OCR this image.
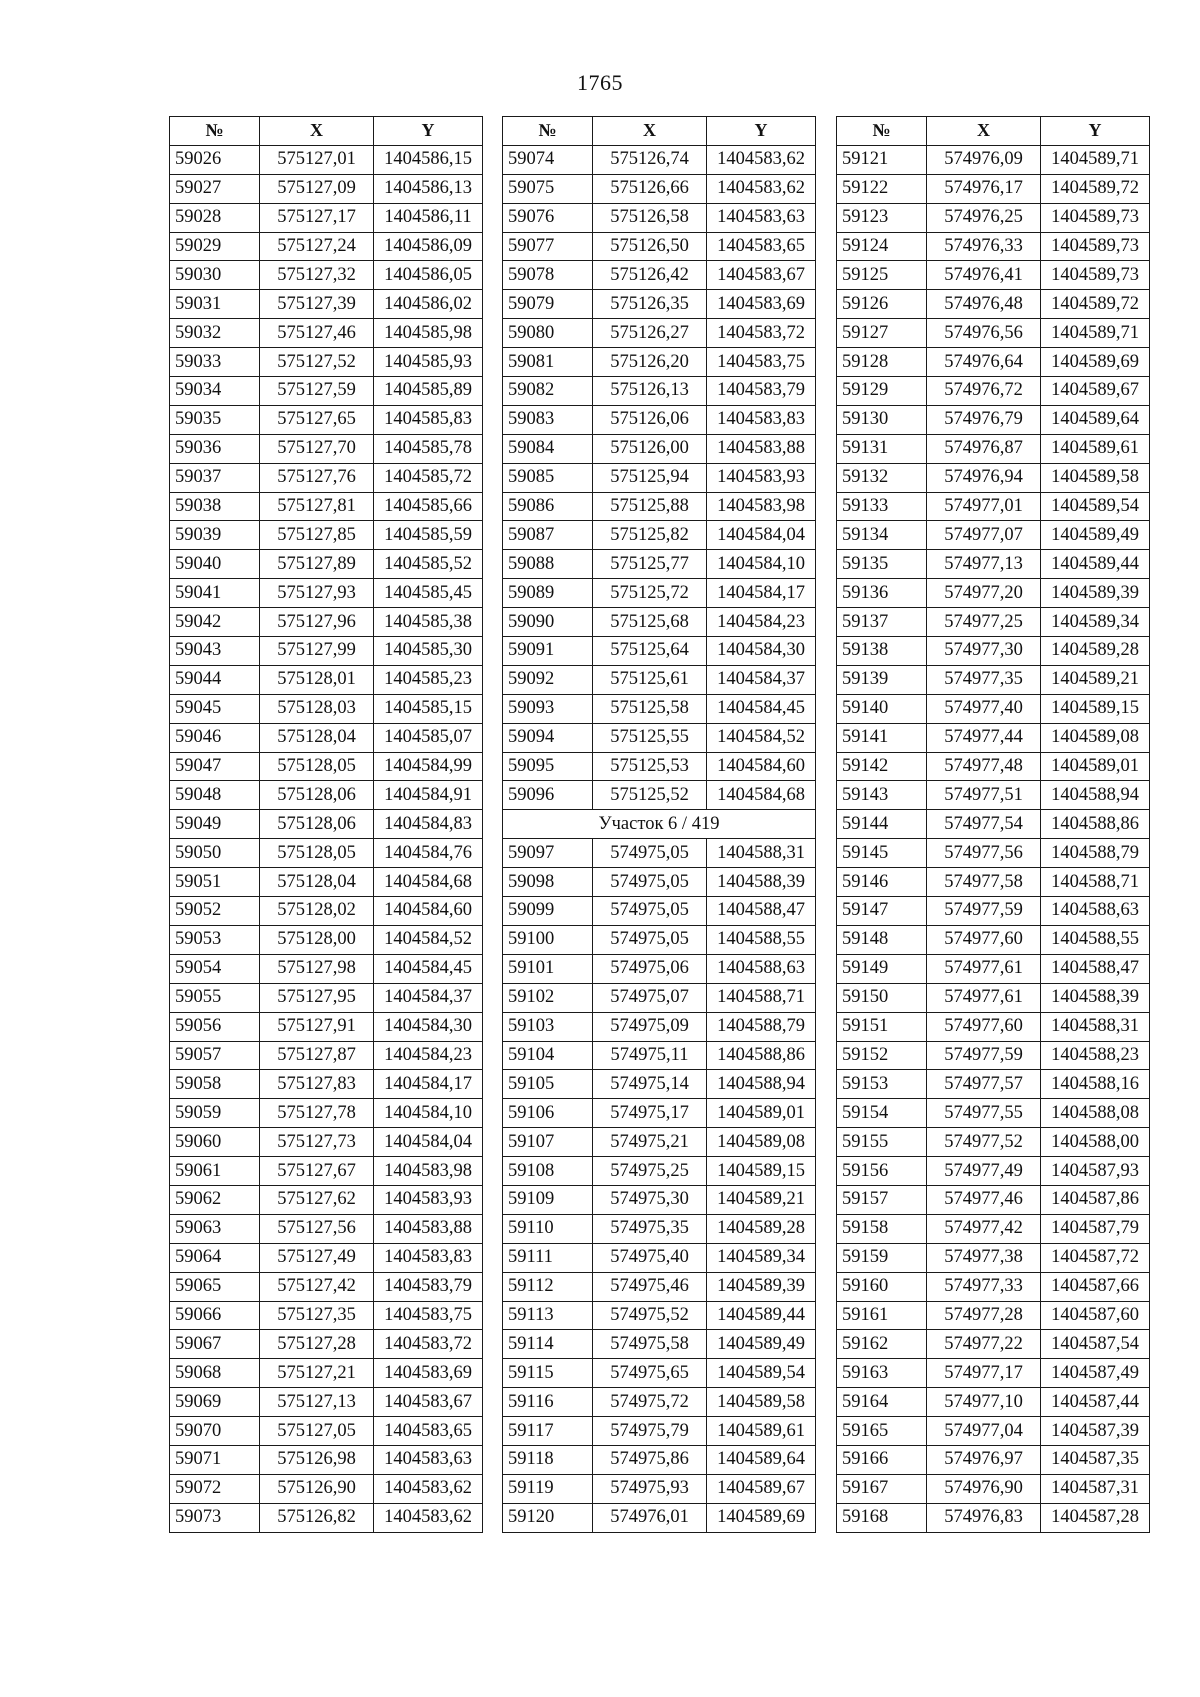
1765
№	X	Y
59026	575127,01	1404586,15
59027	575127,09	1404586,13
59028	575127,17	1404586,11
59029	575127,24	1404586,09
59030	575127,32	1404586,05
59031	575127,39	1404586,02
59032	575127,46	1404585,98
59033	575127,52	1404585,93
59034	575127,59	1404585,89
59035	575127,65	1404585,83
59036	575127,70	1404585,78
59037	575127,76	1404585,72
59038	575127,81	1404585,66
59039	575127,85	1404585,59
59040	575127,89	1404585,52
59041	575127,93	1404585,45
59042	575127,96	1404585,38
59043	575127,99	1404585,30
59044	575128,01	1404585,23
59045	575128,03	1404585,15
59046	575128,04	1404585,07
59047	575128,05	1404584,99
59048	575128,06	1404584,91
59049	575128,06	1404584,83
59050	575128,05	1404584,76
59051	575128,04	1404584,68
59052	575128,02	1404584,60
59053	575128,00	1404584,52
59054	575127,98	1404584,45
59055	575127,95	1404584,37
59056	575127,91	1404584,30
59057	575127,87	1404584,23
59058	575127,83	1404584,17
59059	575127,78	1404584,10
59060	575127,73	1404584,04
59061	575127,67	1404583,98
59062	575127,62	1404583,93
59063	575127,56	1404583,88
59064	575127,49	1404583,83
59065	575127,42	1404583,79
59066	575127,35	1404583,75
59067	575127,28	1404583,72
59068	575127,21	1404583,69
59069	575127,13	1404583,67
59070	575127,05	1404583,65
59071	575126,98	1404583,63
59072	575126,90	1404583,62
59073	575126,82	1404583,62
№	X	Y
59074	575126,74	1404583,62
59075	575126,66	1404583,62
59076	575126,58	1404583,63
59077	575126,50	1404583,65
59078	575126,42	1404583,67
59079	575126,35	1404583,69
59080	575126,27	1404583,72
59081	575126,20	1404583,75
59082	575126,13	1404583,79
59083	575126,06	1404583,83
59084	575126,00	1404583,88
59085	575125,94	1404583,93
59086	575125,88	1404583,98
59087	575125,82	1404584,04
59088	575125,77	1404584,10
59089	575125,72	1404584,17
59090	575125,68	1404584,23
59091	575125,64	1404584,30
59092	575125,61	1404584,37
59093	575125,58	1404584,45
59094	575125,55	1404584,52
59095	575125,53	1404584,60
59096	575125,52	1404584,68
Участок 6 / 419		
59097	574975,05	1404588,31
59098	574975,05	1404588,39
59099	574975,05	1404588,47
59100	574975,05	1404588,55
59101	574975,06	1404588,63
59102	574975,07	1404588,71
59103	574975,09	1404588,79
59104	574975,11	1404588,86
59105	574975,14	1404588,94
59106	574975,17	1404589,01
59107	574975,21	1404589,08
59108	574975,25	1404589,15
59109	574975,30	1404589,21
59110	574975,35	1404589,28
59111	574975,40	1404589,34
59112	574975,46	1404589,39
59113	574975,52	1404589,44
59114	574975,58	1404589,49
59115	574975,65	1404589,54
59116	574975,72	1404589,58
59117	574975,79	1404589,61
59118	574975,86	1404589,64
59119	574975,93	1404589,67
59120	574976,01	1404589,69
№	X	Y
59121	574976,09	1404589,71
59122	574976,17	1404589,72
59123	574976,25	1404589,73
59124	574976,33	1404589,73
59125	574976,41	1404589,73
59126	574976,48	1404589,72
59127	574976,56	1404589,71
59128	574976,64	1404589,69
59129	574976,72	1404589,67
59130	574976,79	1404589,64
59131	574976,87	1404589,61
59132	574976,94	1404589,58
59133	574977,01	1404589,54
59134	574977,07	1404589,49
59135	574977,13	1404589,44
59136	574977,20	1404589,39
59137	574977,25	1404589,34
59138	574977,30	1404589,28
59139	574977,35	1404589,21
59140	574977,40	1404589,15
59141	574977,44	1404589,08
59142	574977,48	1404589,01
59143	574977,51	1404588,94
59144	574977,54	1404588,86
59145	574977,56	1404588,79
59146	574977,58	1404588,71
59147	574977,59	1404588,63
59148	574977,60	1404588,55
59149	574977,61	1404588,47
59150	574977,61	1404588,39
59151	574977,60	1404588,31
59152	574977,59	1404588,23
59153	574977,57	1404588,16
59154	574977,55	1404588,08
59155	574977,52	1404588,00
59156	574977,49	1404587,93
59157	574977,46	1404587,86
59158	574977,42	1404587,79
59159	574977,38	1404587,72
59160	574977,33	1404587,66
59161	574977,28	1404587,60
59162	574977,22	1404587,54
59163	574977,17	1404587,49
59164	574977,10	1404587,44
59165	574977,04	1404587,39
59166	574976,97	1404587,35
59167	574976,90	1404587,31
59168	574976,83	1404587,28
